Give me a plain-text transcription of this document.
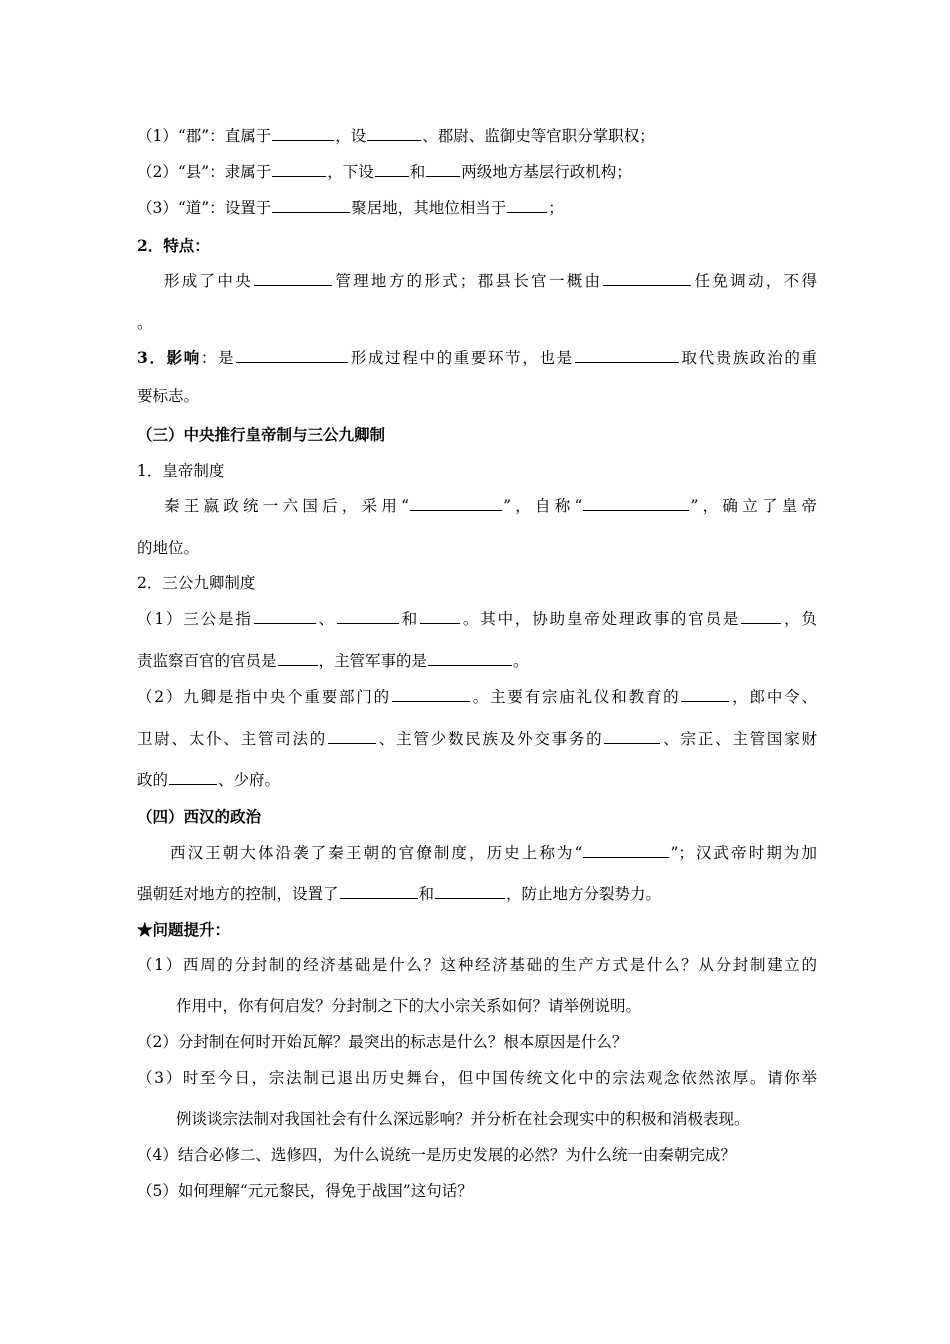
（1）“郡”：直属于	，设	、郡尉、监御史等官职分掌职权；

（2）“县”：隶属于	，下设 和 两级地方基层行政机构；

（3）“道”：设置于	聚居地，其地位相当于	；

2．特点：

形成了中央	管理地方的形式；郡县长官一概由	任免调动，不得

。

3．影响：是	形成过程中的重要环节，也是	取代贵族政治的重

要标志。

（三）中央推行皇帝制与三公九卿制

1．皇帝制度

秦王嬴政统一六国后，采用“	”，自称“	”，确立了皇帝

的地位。

2．三公九卿制度

（1）三公是指	、	和	。其中，协助皇帝处理政事的官员是	，负

责监察百官的官员是	，主管军事的是	。

（2）九卿是指中央个重要部门的	。主要有宗庙礼仪和教育的	，郎中令、

卫尉、太仆、主管司法的	、主管少数民族及外交事务的	、宗正、主管国家财

政的	、少府。

（四）西汉的政治

西汉王朝大体沿袭了秦王朝的官僚制度，历史上称为“	”；汉武帝时期为加

强朝廷对地方的控制，设置了	和	，防止地方分裂势力。

★问题提升：

（1）西周的分封制的经济基础是什么？这种经济基础的生产方式是什么？从分封制建立的

作用中，你有何启发？分封制之下的大小宗关系如何？请举例说明。

（2）分封制在何时开始瓦解？最突出的标志是什么？根本原因是什么？

（3）时至今日，宗法制已退出历史舞台，但中国传统文化中的宗法观念依然浓厚。请你举

例谈谈宗法制对我国社会有什么深远影响？并分析在社会现实中的积极和消极表现。

（4）结合必修二、选修四，为什么说统一是历史发展的必然？为什么统一由秦朝完成？

（5）如何理解“元元黎民，得免于战国”这句话？
